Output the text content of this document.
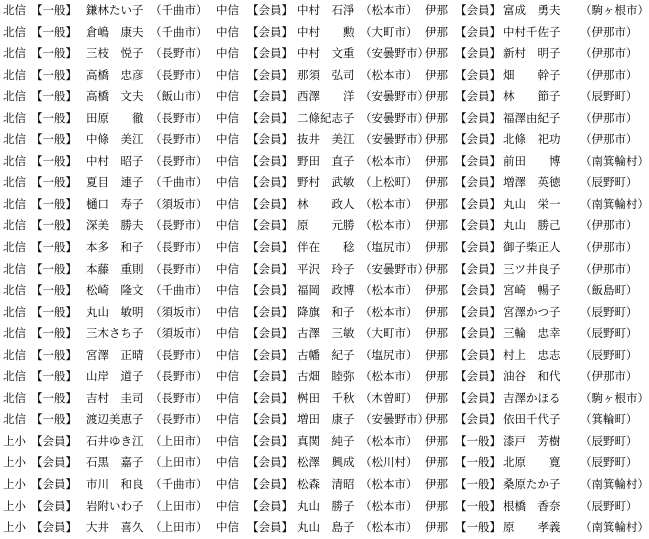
北信 【一般】 鎌林たい子 （千曲市） 中信 【会員】 中村　石淨 （松本市） 伊那 【会員】 富成　勇夫 （駒ヶ根市）
北信 【一般】 倉嶋　康夫 （千曲市） 中信 【会員】 中村　　勲 （大町市） 伊那 【会員】 中村千佐子 （伊那市）
北信 【一般】 三枝　悦子 （長野市） 中信 【会員】 中村　文重 （安曇野市）
伊那 【会員】 新村　明子 （伊那市）
北信 【一般】 高橋　忠彦 （長野市） 中信 【会員】 那須　弘司 （松本市） 伊那 【会員】 畑　　幹子 （伊那市）
北信 【一般】 高橋　文夫 （飯山市） 中信 【会員】 西澤　　洋 （安曇野市）
伊那 【会員】 林　　節子 （辰野町）
北信 【一般】 田原　　徹 （長野市） 中信 【会員】 二條紀志子 （安曇野市）
伊那 【会員】 福澤由紀子 （伊那市）
北信 【一般】 中條　美江 （長野市） 中信 【会員】 抜井　美江 （安曇野市）
伊那 【会員】 北條　祀功 （伊那市）
北信 【一般】 中村　昭子 （長野市） 中信 【会員】 野田　直子 （松本市） 伊那 【会員】 前田　　博 （南箕輪村）
北信 【一般】 夏目　連子 （千曲市） 中信 【会員】 野村　武敏 （上松町） 伊那 【会員】 増澤　英徳 （辰野町）
北信 【一般】 樋口　寿子 （須坂市） 中信 【会員】 林　　政人 （松本市） 伊那 【会員】 丸山　栄一 （南箕輪村）
北信 【一般】 深美　勝夫 （長野市） 中信 【会員】 原　　元勝 （松本市） 伊那 【会員】 丸山　勝己 （伊那市）
北信 【一般】 本多　和子 （長野市） 中信 【会員】 伴在　　稔 （塩尻市） 伊那 【会員】 御子柴正人 （伊那市）
北信 【一般】 本藤　重則 （長野市） 中信 【会員】 平沢　玲子 （安曇野市）
伊那 【会員】 三ツ井良子 （伊那市）
北信 【一般】 松崎　隆文 （千曲市） 中信 【会員】 福岡　政博 （松本市） 伊那 【会員】 宮崎　暢子 （飯島町）
北信 【一般】 丸山　敏明 （須坂市） 中信 【会員】 降旗　和子 （松本市） 伊那 【会員】 宮澤かつ子 （辰野町）
北信 【一般】 三木さち子 （須坂市） 中信 【会員】 古澤　三敏 （大町市） 伊那 【会員】 三輪　忠幸 （辰野町）
北信 【一般】 宮澤　正晴 （長野市） 中信 【会員】 古幡　紀子 （塩尻市） 伊那 【会員】 村上　忠志 （辰野町）
北信 【一般】 山岸　道子 （長野市） 中信 【会員】 古畑　睦弥 （松本市） 伊那 【会員】 油谷　和代 （伊那市）
北信 【一般】 吉村　圭司 （長野市） 中信 【会員】 桝田　千秋 （木曽町） 伊那 【会員】 吉澤かほる （駒ヶ根市）
北信 【一般】 渡辺美恵子 （長野市） 中信 【会員】 増田　康子 （安曇野市）
伊那 【会員】 依田千代子 （箕輪町）
上小 【会員】 石井ゆき江 （上田市） 中信 【会員】 真関　純子 （松本市） 伊那 【一般】 漆戸　芳樹 （辰野町）
上小 【会員】 石黒　嘉子 （上田市） 中信 【会員】 松澤　興成 （松川村） 伊那 【一般】 北原　　寛 （辰野町）
上小 【会員】 市川　和良 （千曲市） 中信 【会員】 松森　清昭 （松本市） 伊那 【一般】 桑原たか子 （南箕輪村）
上小 【会員】 岩附いわ子 （上田市） 中信 【会員】 丸山　勝子 （松本市） 伊那 【一般】 根橋　香奈 （辰野町）
上小 【会員】 大井　喜久 （上田市） 中信 【会員】 丸山　島子 （松本市） 伊那 【一般】 原　　孝義 （南箕輪村）
